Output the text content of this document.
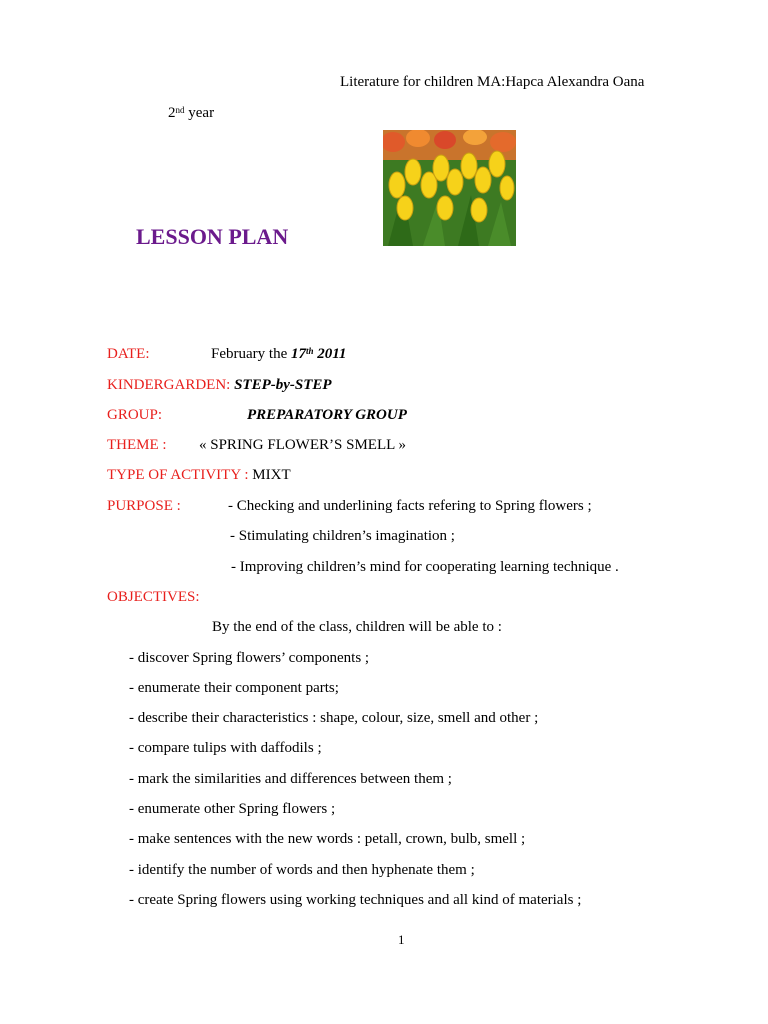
Literature for children MA:Hapca Alexandra Oana
2nd year
LESSON PLAN
DATE:	February the 17th 2011
KINDERGARDEN: STEP-by-STEP
GROUP:	PREPARATORY GROUP
THEME : « SPRING FLOWER’S SMELL »
TYPE OF ACTIVITY : MIXT
PURPOSE :	- Checking and underlining facts refering to Spring flowers ;
- Stimulating children’s imagination ;
- Improving children’s mind for cooperating learning technique .
OBJECTIVES:
By the end of the class, children will be able to :
- discover Spring flowers’ components ;
- enumerate their component parts;
- describe their characteristics : shape, colour, size, smell and other ;
- compare tulips with daffodils ;
- mark the similarities and differences between them ;
- enumerate other Spring flowers ;
- make sentences with the new words : petall, crown, bulb, smell ;
- identify the number of words and then hyphenate them ;
- create Spring flowers using working techniques and all kind of materials ;
1
